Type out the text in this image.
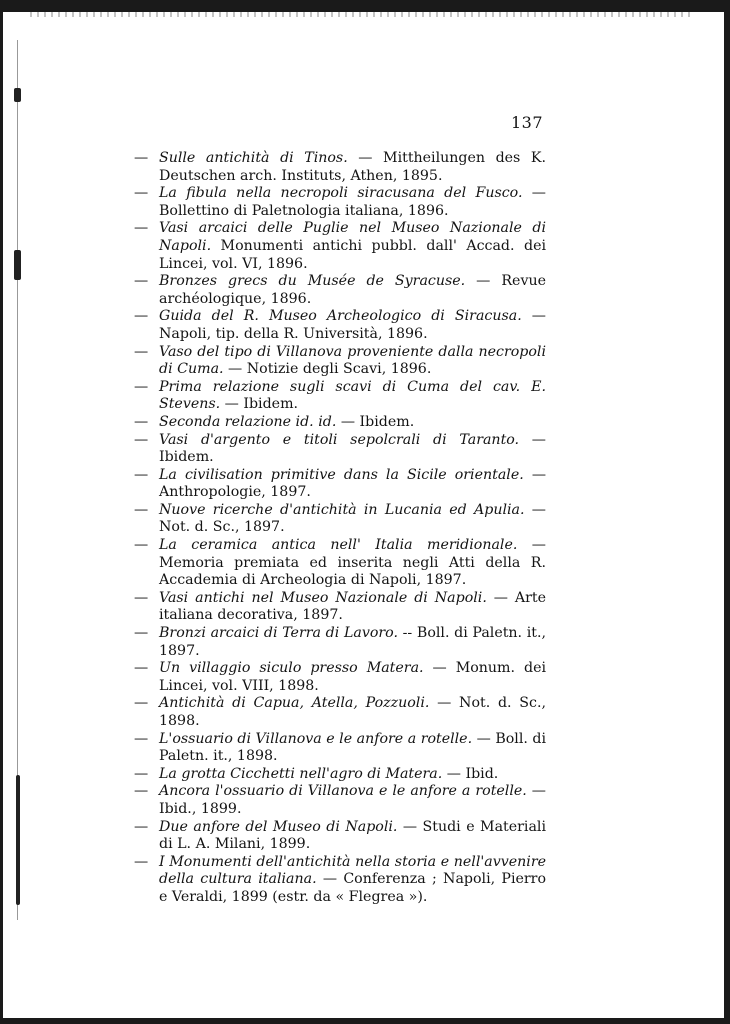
137

— Sulle antichità di Tinos. — Mittheilungen des K. Deutschen arch. Instituts, Athen, 1895.

— La fibula nella necropoli siracusana del Fusco. — Bollettino di Paletnologia italiana, 1896.

— Vasi arcaici delle Puglie nel Museo Nazionale di Napoli. Monumenti antichi pubbl. dall' Accad. dei Lincei, vol. VI, 1896.

— Bronzes grecs du Musée de Syracuse. — Revue archéologique, 1896.

— Guida del R. Museo Archeologico di Siracusa. — Napoli, tip. della R. Università, 1896.

— Vaso del tipo di Villanova proveniente dalla necropoli di Cuma. — Notizie degli Scavi, 1896.

— Prima relazione sugli scavi di Cuma del cav. E. Stevens. — Ibidem.

— Seconda relazione id. id. — Ibidem.

— Vasi d'argento e titoli sepolcrali di Taranto. — Ibidem.

— La civilisation primitive dans la Sicile orientale. — Anthropologie, 1897.

— Nuove ricerche d'antichità in Lucania ed Apulia. — Not. d. Sc., 1897.

— La ceramica antica nell' Italia meridionale. — Memoria premiata ed inserita negli Atti della R. Accademia di Archeologia di Napoli, 1897.

— Vasi antichi nel Museo Nazionale di Napoli. — Arte italiana decorativa, 1897.

— Bronzi arcaici di Terra di Lavoro. -- Boll. di Paletn. it., 1897.

— Un villaggio siculo presso Matera. — Monum. dei Lincei, vol. VIII, 1898.

— Antichità di Capua, Atella, Pozzuoli. — Not. d. Sc., 1898.

— L'ossuario di Villanova e le anfore a rotelle. — Boll. di Paletn. it., 1898.

— La grotta Cicchetti nell'agro di Matera. — Ibid.

— Ancora l'ossuario di Villanova e le anfore a rotelle. — Ibid., 1899.

— Due anfore del Museo di Napoli. — Studi e Materiali di L. A. Milani, 1899.

— I Monumenti dell'antichità nella storia e nell'avvenire della cultura italiana. — Conferenza ; Napoli, Pierro e Veraldi, 1899 (estr. da « Flegrea »).
